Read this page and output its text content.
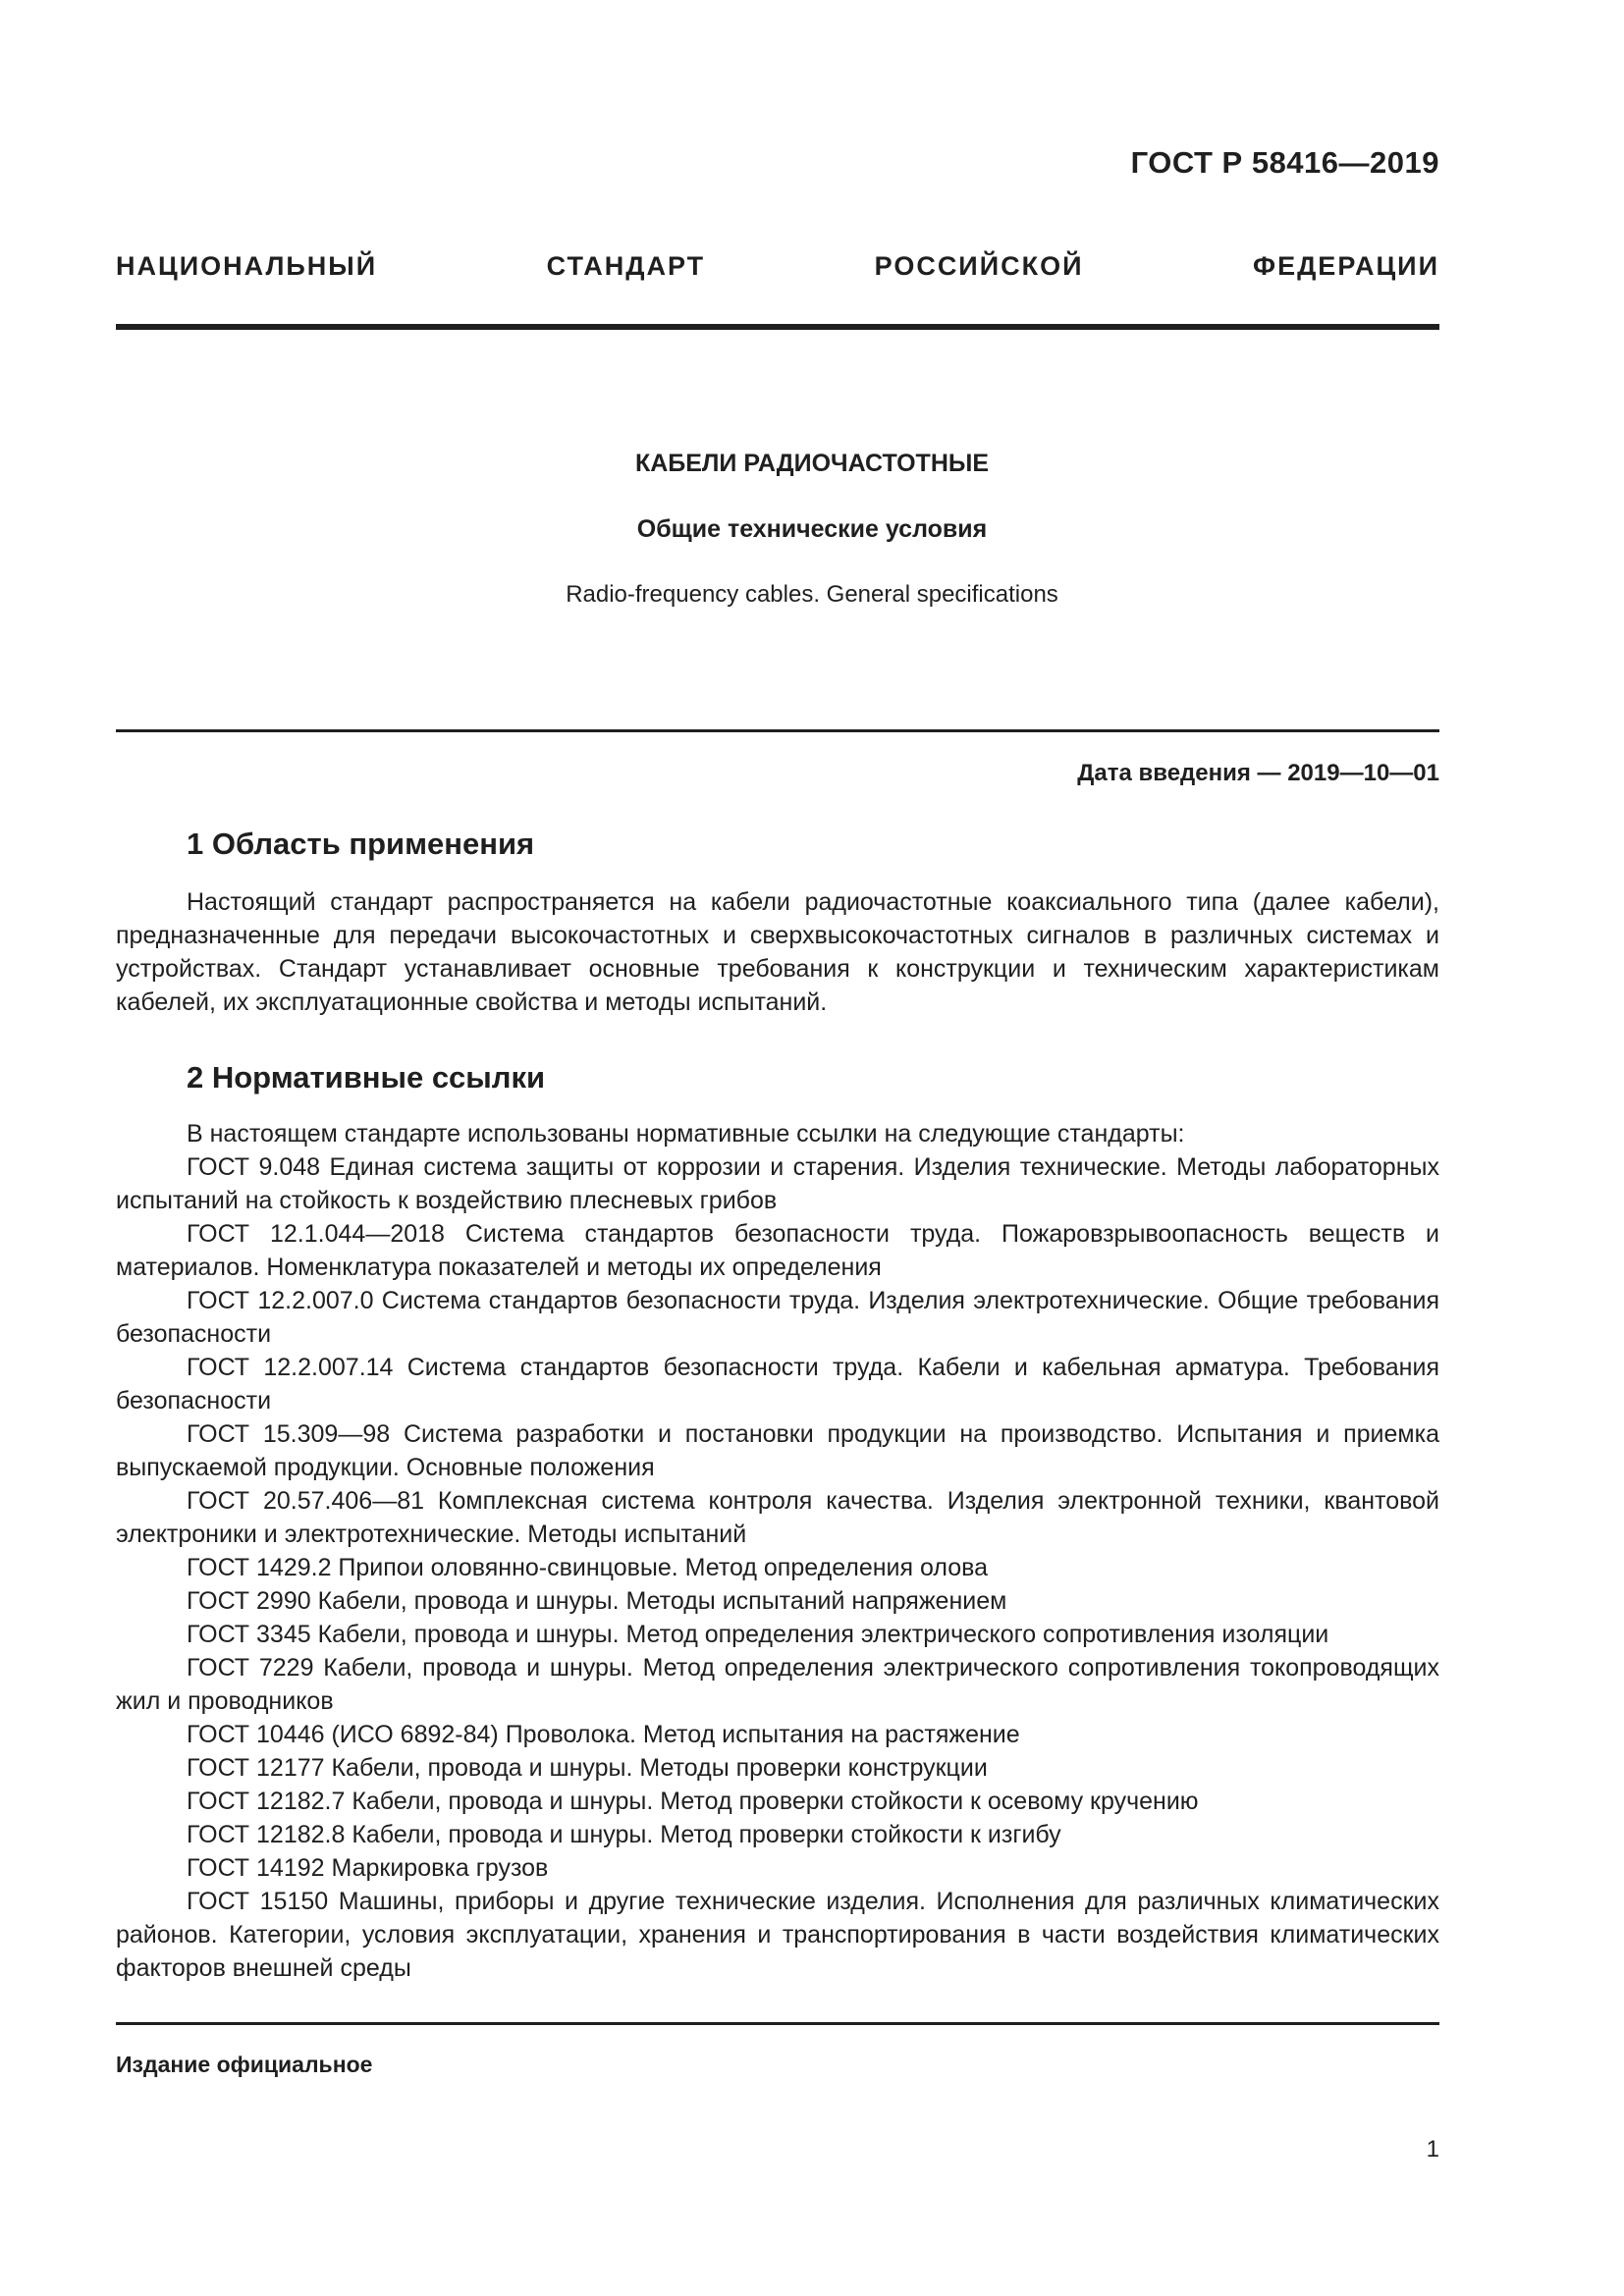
ГОСТ Р 58416—2019
НАЦИОНАЛЬНЫЙ СТАНДАРТ РОССИЙСКОЙ ФЕДЕРАЦИИ
КАБЕЛИ РАДИОЧАСТОТНЫЕ
Общие технические условия
Radio-frequency cables. General specifications
Дата введения — 2019—10—01
1 Область применения

Настоящий стандарт распространяется на кабели радиочастотные коаксиального типа (далее кабели), предназначенные для передачи высокочастотных и сверхвысокочастотных сигналов в различных системах и устройствах. Стандарт устанавливает основные требования к конструкции и техническим характеристикам кабелей, их эксплуатационные свойства и методы испытаний.

2 Нормативные ссылки

В настоящем стандарте использованы нормативные ссылки на следующие стандарты:

ГОСТ 9.048 Единая система защиты от коррозии и старения. Изделия технические. Методы лабораторных испытаний на стойкость к воздействию плесневых грибов

ГОСТ 12.1.044—2018 Система стандартов безопасности труда. Пожаровзрывоопасность веществ и материалов. Номенклатура показателей и методы их определения

ГОСТ 12.2.007.0 Система стандартов безопасности труда. Изделия электротехнические. Общие требования безопасности

ГОСТ 12.2.007.14 Система стандартов безопасности труда. Кабели и кабельная арматура. Требования безопасности

ГОСТ 15.309—98 Система разработки и постановки продукции на производство. Испытания и приемка выпускаемой продукции. Основные положения

ГОСТ 20.57.406—81 Комплексная система контроля качества. Изделия электронной техники, квантовой электроники и электротехнические. Методы испытаний

ГОСТ 1429.2 Припои оловянно-свинцовые. Метод определения олова

ГОСТ 2990 Кабели, провода и шнуры. Методы испытаний напряжением

ГОСТ 3345 Кабели, провода и шнуры. Метод определения электрического сопротивления изоляции

ГОСТ 7229 Кабели, провода и шнуры. Метод определения электрического сопротивления токопроводящих жил и проводников

ГОСТ 10446 (ИСО 6892-84) Проволока. Метод испытания на растяжение

ГОСТ 12177 Кабели, провода и шнуры. Методы проверки конструкции

ГОСТ 12182.7 Кабели, провода и шнуры. Метод проверки стойкости к осевому кручению

ГОСТ 12182.8 Кабели, провода и шнуры. Метод проверки стойкости к изгибу

ГОСТ 14192 Маркировка грузов

ГОСТ 15150 Машины, приборы и другие технические изделия. Исполнения для различных климатических районов. Категории, условия эксплуатации, хранения и транспортирования в части воздействия климатических факторов внешней среды

Издание официальное
1
